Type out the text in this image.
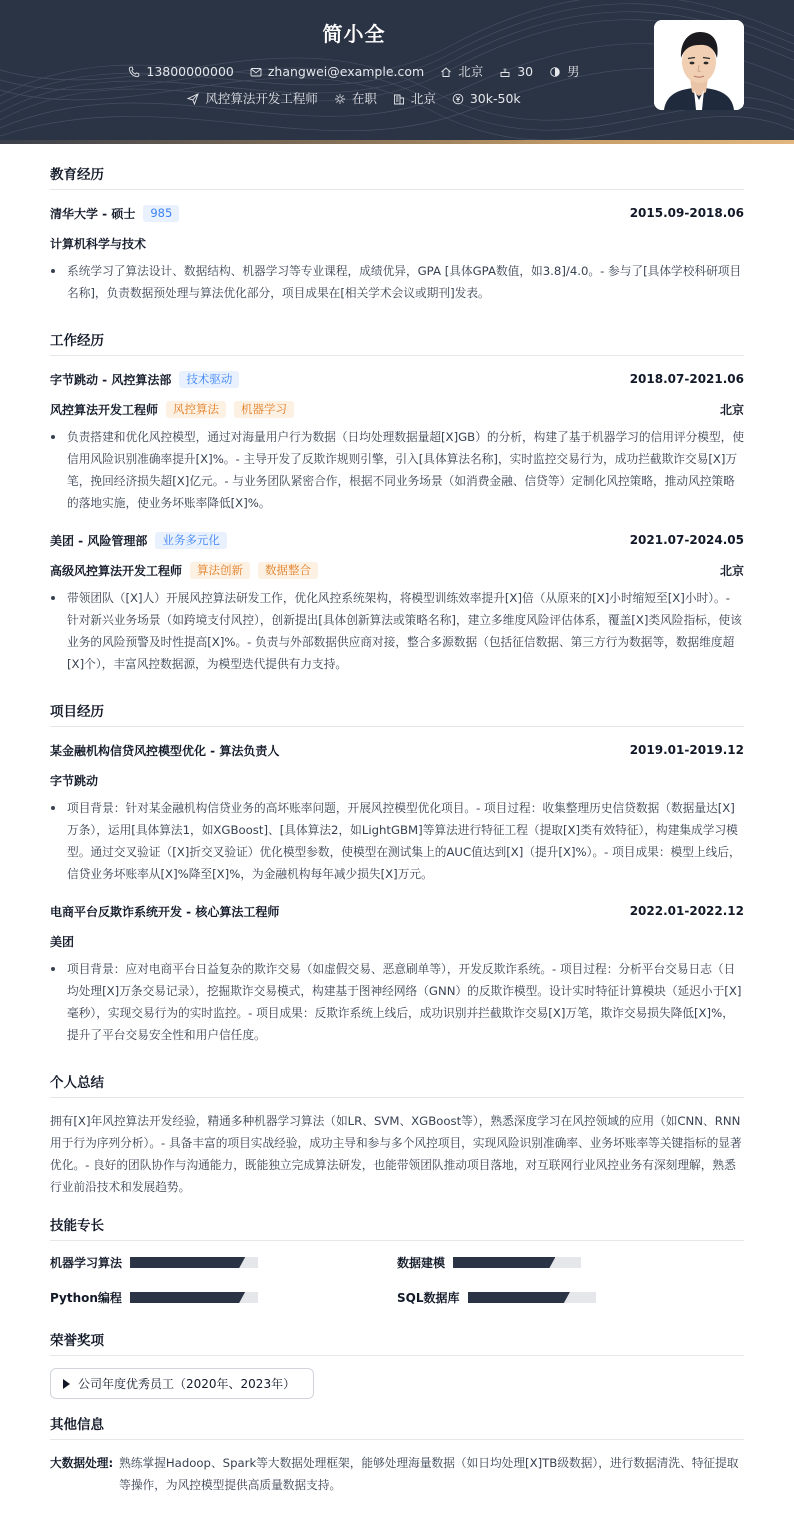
简小全
13800000000	zhangwei@example.com	北京	30	男
风控算法开发工程师	在职	北京	30k-50k
教育经历
清华大学 - 硕士	985	2015.09-2018.06
计算机科学与技术
系统学习了算法设计、数据结构、机器学习等专业课程，成绩优异，GPA [具体GPA数值，如3.8]/4.0。- 参与了[具体学校科研项目名称]，负责数据预处理与算法优化部分，项目成果在[相关学术会议或期刊]发表。
工作经历
字节跳动 - 风控算法部	技术驱动	2018.07-2021.06
风控算法开发工程师	风控算法	机器学习	北京
负责搭建和优化风控模型，通过对海量用户行为数据（日均处理数据量超[X]GB）的分析，构建了基于机器学习的信用评分模型，使信用风险识别准确率提升[X]%。- 主导开发了反欺诈规则引擎，引入[具体算法名称]，实时监控交易行为，成功拦截欺诈交易[X]万笔，挽回经济损失超[X]亿元。- 与业务团队紧密合作，根据不同业务场景（如消费金融、信贷等）定制化风控策略，推动风控策略的落地实施，使业务坏账率降低[X]%。
美团 - 风险管理部	业务多元化	2021.07-2024.05
高级风控算法开发工程师	算法创新	数据整合	北京
带领团队（[X]人）开展风控算法研发工作，优化风控系统架构，将模型训练效率提升[X]倍（从原来的[X]小时缩短至[X]小时）。- 针对新兴业务场景（如跨境支付风控），创新提出[具体创新算法或策略名称]，建立多维度风险评估体系，覆盖[X]类风险指标，使该业务的风险预警及时性提高[X]%。- 负责与外部数据供应商对接，整合多源数据（包括征信数据、第三方行为数据等，数据维度超[X]个），丰富风控数据源，为模型迭代提供有力支持。
项目经历
某金融机构信贷风控模型优化 - 算法负责人	2019.01-2019.12
字节跳动
项目背景：针对某金融机构信贷业务的高坏账率问题，开展风控模型优化项目。- 项目过程：收集整理历史信贷数据（数据量达[X]万条），运用[具体算法1，如XGBoost]、[具体算法2，如LightGBM]等算法进行特征工程（提取[X]类有效特征），构建集成学习模型。通过交叉验证（[X]折交叉验证）优化模型参数，使模型在测试集上的AUC值达到[X]（提升[X]%）。- 项目成果：模型上线后，信贷业务坏账率从[X]%降至[X]%，为金融机构每年减少损失[X]万元。
电商平台反欺诈系统开发 - 核心算法工程师	2022.01-2022.12
美团
项目背景：应对电商平台日益复杂的欺诈交易（如虚假交易、恶意刷单等），开发反欺诈系统。- 项目过程：分析平台交易日志（日均处理[X]万条交易记录），挖掘欺诈交易模式，构建基于图神经网络（GNN）的反欺诈模型。设计实时特征计算模块（延迟小于[X]毫秒），实现交易行为的实时监控。- 项目成果：反欺诈系统上线后，成功识别并拦截欺诈交易[X]万笔，欺诈交易损失降低[X]%，提升了平台交易安全性和用户信任度。
个人总结
拥有[X]年风控算法开发经验，精通多种机器学习算法（如LR、SVM、XGBoost等），熟悉深度学习在风控领域的应用（如CNN、RNN用于行为序列分析）。- 具备丰富的项目实战经验，成功主导和参与多个风控项目，实现风险识别准确率、业务坏账率等关键指标的显著优化。- 良好的团队协作与沟通能力，既能独立完成算法研发，也能带领团队推动项目落地，对互联网行业风控业务有深刻理解，熟悉行业前沿技术和发展趋势。
技能专长
机器学习算法	数据建模
Python编程	SQL数据库
荣誉奖项
公司年度优秀员工（2020年、2023年）
其他信息
大数据处理: 熟练掌握Hadoop、Spark等大数据处理框架，能够处理海量数据（如日均处理[X]TB级数据），进行数据清洗、特征提取等操作，为风控模型提供高质量数据支持。
